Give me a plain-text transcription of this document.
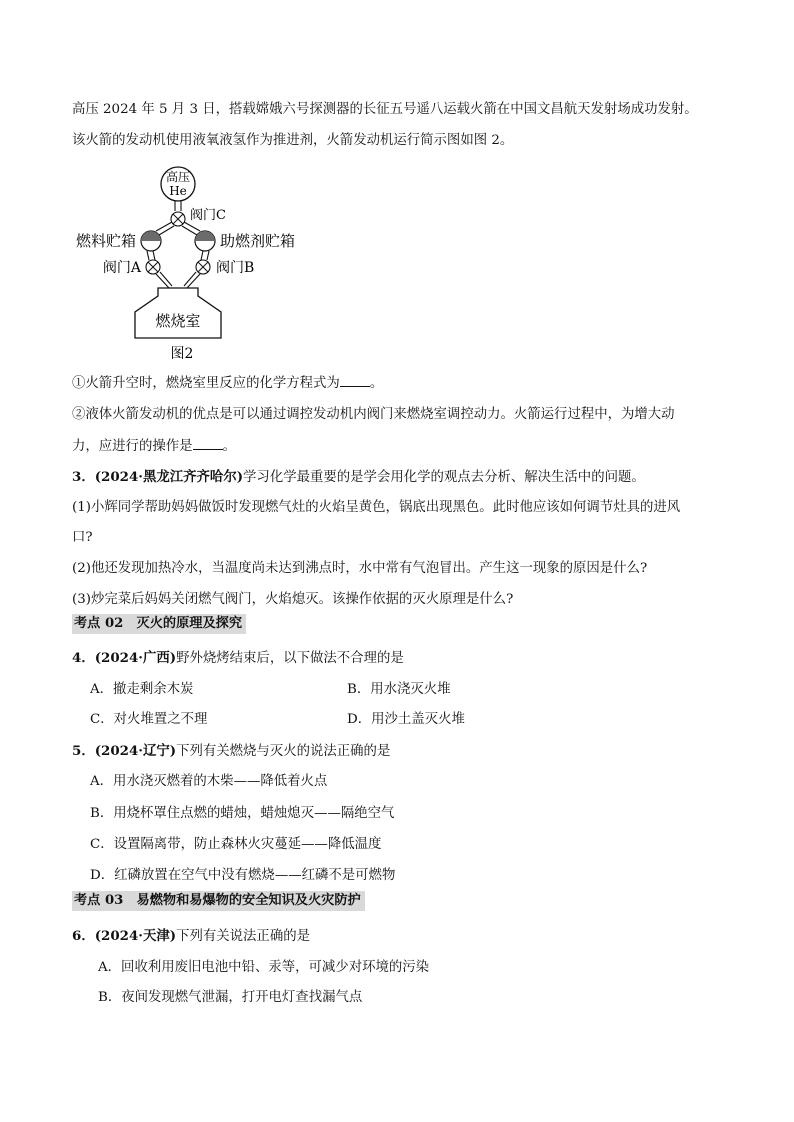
高压 2024 年 5 月 3 日，搭载嫦娥六号探测器的长征五号遥八运载火箭在中国文昌航天发射场成功发射。
该火箭的发动机使用液氧液氢作为推进剂，火箭发动机运行简示图如图 2。
高压
He
阀门C
燃料贮箱	助燃剂贮箱
阀门A	阀门B
燃烧室
图2
①火箭升空时，燃烧室里反应的化学方程式为 。
②液体火箭发动机的优点是可以通过调控发动机内阀门来燃烧室调控动力。火箭运行过程中，为增大动
力，应进行的操作是 。
3．(2024·黑龙江齐齐哈尔)学习化学最重要的是学会用化学的观点去分析、解决生活中的问题。
(1)小辉同学帮助妈妈做饭时发现燃气灶的火焰呈黄色，锅底出现黑色。此时他应该如何调节灶具的进风
口?
(2)他还发现加热冷水，当温度尚未达到沸点时，水中常有气泡冒出。产生这一现象的原因是什么?
(3)炒完菜后妈妈关闭燃气阀门，火焰熄灭。该操作依据的灭火原理是什么?
考点 02　灭火的原理及探究
4．(2024·广西)野外烧烤结束后，以下做法不合理的是
A．撤走剩余木炭	B．用水浇灭火堆
C．对火堆置之不理	D．用沙土盖灭火堆
5．(2024·辽宁)下列有关燃烧与灭火的说法正确的是
A．用水浇灭燃着的木柴——降低着火点
B．用烧杯罩住点燃的蜡烛，蜡烛熄灭——隔绝空气
C．设置隔离带，防止森林火灾蔓延——降低温度
D．红磷放置在空气中没有燃烧——红磷不是可燃物
考点 03　易燃物和易爆物的安全知识及火灾防护
6．(2024·天津)下列有关说法正确的是
A．回收利用废旧电池中铅、汞等，可减少对环境的污染
B．夜间发现燃气泄漏，打开电灯查找漏气点
